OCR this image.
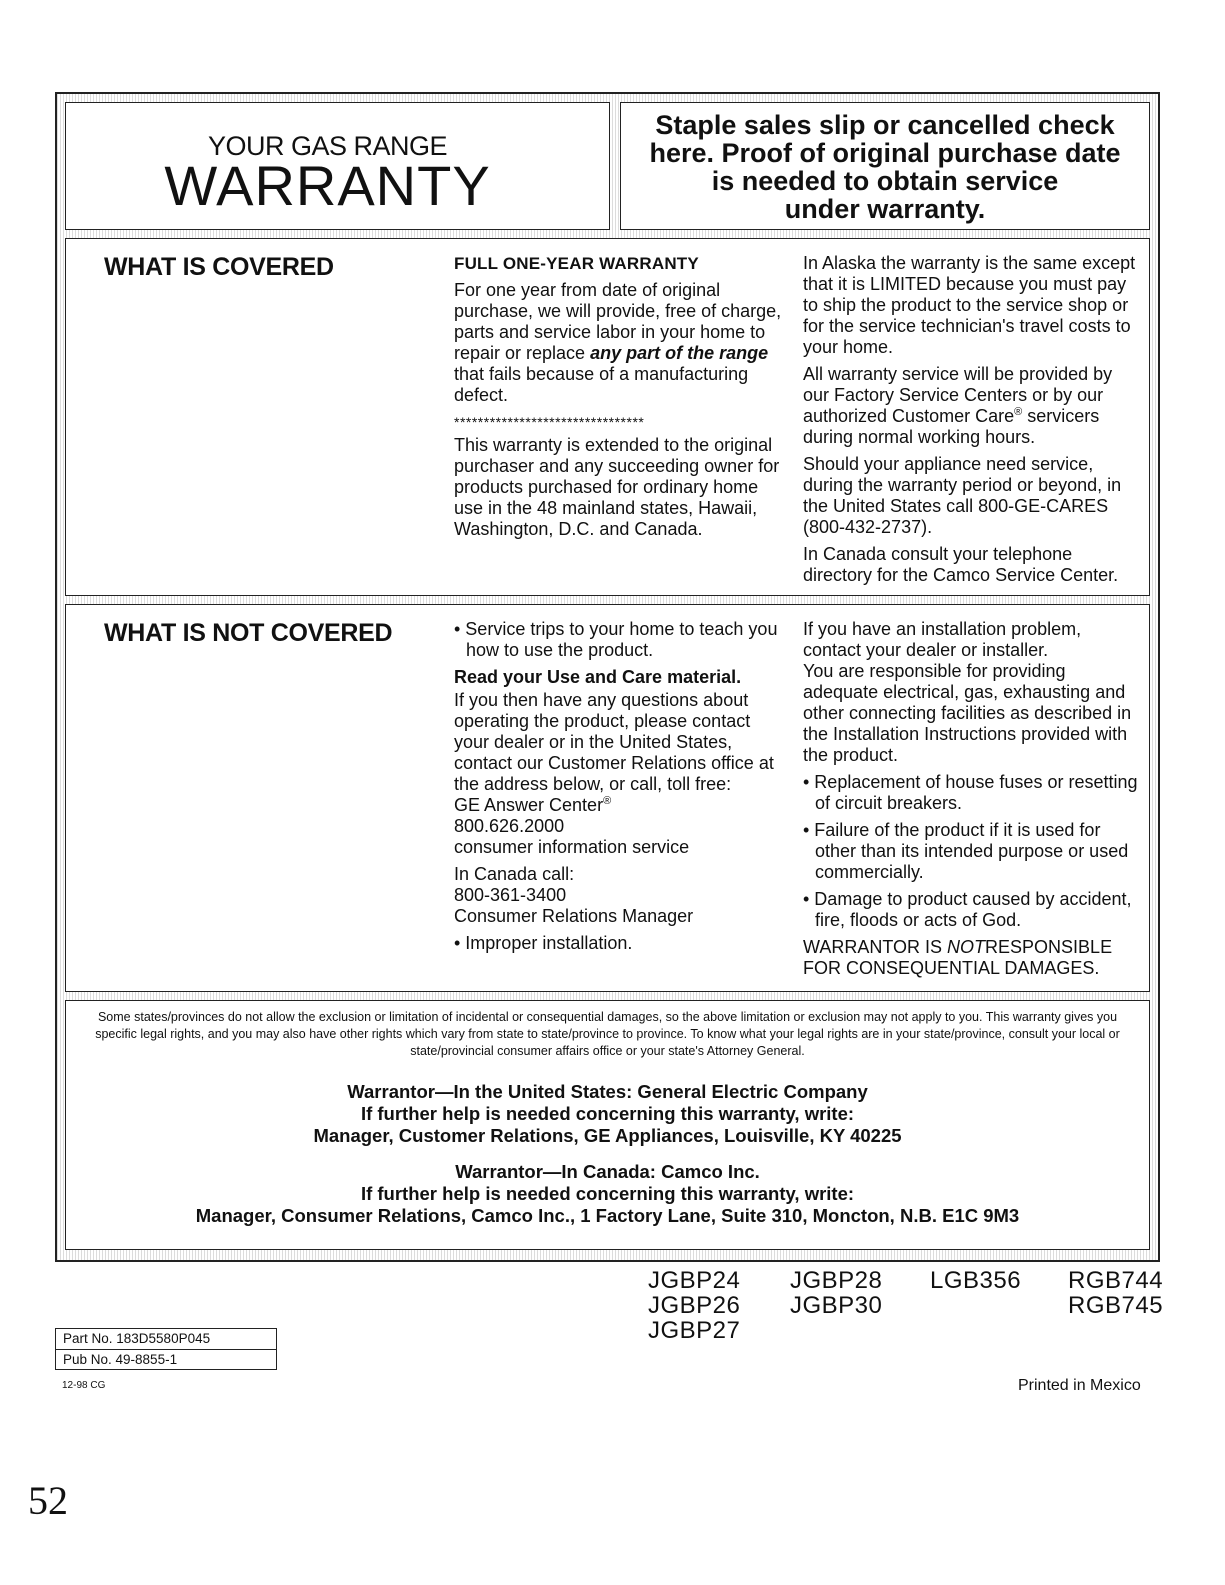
YOUR GAS RANGE
WARRANTY
Staple sales slip or cancelled check
here. Proof of original purchase date
is needed to obtain service
under warranty.
WHAT IS COVERED	FULL ONE-YEAR WARRANTY

For one year from date of original purchase, we will provide, free of charge, parts and service labor in your home to repair or replace any part of the range that fails because of a manufacturing defect.

********************************

This warranty is extended to the original purchaser and any succeeding owner for products purchased for ordinary home use in the 48 mainland states, Hawaii, Washington, D.C. and Canada.

In Alaska the warranty is the same except that it is LIMITED because you must pay to ship the product to the service shop or for the service technician's travel costs to your home.

All warranty service will be provided by our Factory Service Centers or by our authorized Customer Care® servicers during normal working hours.

Should your appliance need service, during the warranty period or beyond, in the United States call 800-GE-CARES (800-432-2737).

In Canada consult your telephone directory for the Camco Service Center.

WHAT IS NOT COVERED	• Service trips to your home to teach you how to use the product.

Read your Use and Care material.

If you then have any questions about operating the product, please contact your dealer or in the United States, contact our Customer Relations office at the address below, or call, toll free:

GE Answer Center®
800.626.2000

consumer information service

In Canada call:
800-361-3400

Consumer Relations Manager

• Improper installation.

If you have an installation problem, contact your dealer or installer.

You are responsible for providing adequate electrical, gas, exhausting and other connecting facilities as described in the Installation Instructions provided with the product.

• Replacement of house fuses or resetting of circuit breakers.

• Failure of the product if it is used for other than its intended purpose or used commercially.

• Damage to product caused by accident, fire, floods or acts of God.

WARRANTOR IS NOTRESPONSIBLE FOR CONSEQUENTIAL DAMAGES.

Some states/provinces do not allow the exclusion or limitation of incidental or consequential damages, so the above limitation or exclusion may not apply to you. This warranty gives you specific legal rights, and you may also have other rights which vary from state to state/province to province. To know what your legal rights are in your state/province, consult your local or state/provincial consumer affairs office or your state's Attorney General.
Warrantor—In the United States: General Electric Company
If further help is needed concerning this warranty, write:
Manager, Customer Relations, GE Appliances, Louisville, KY 40225
Warrantor—In Canada: Camco Inc.
If further help is needed concerning this warranty, write:
Manager, Consumer Relations, Camco Inc., 1 Factory Lane, Suite 310, Moncton, N.B. E1C 9M3
JGBP24
JGBP26
JGBP27
JGBP28
JGBP30
LGB356 RGB744
RGB745
Part No. 183D5580P045
Pub No. 49-8855-1
12-98 CG	Printed in Mexico
52
